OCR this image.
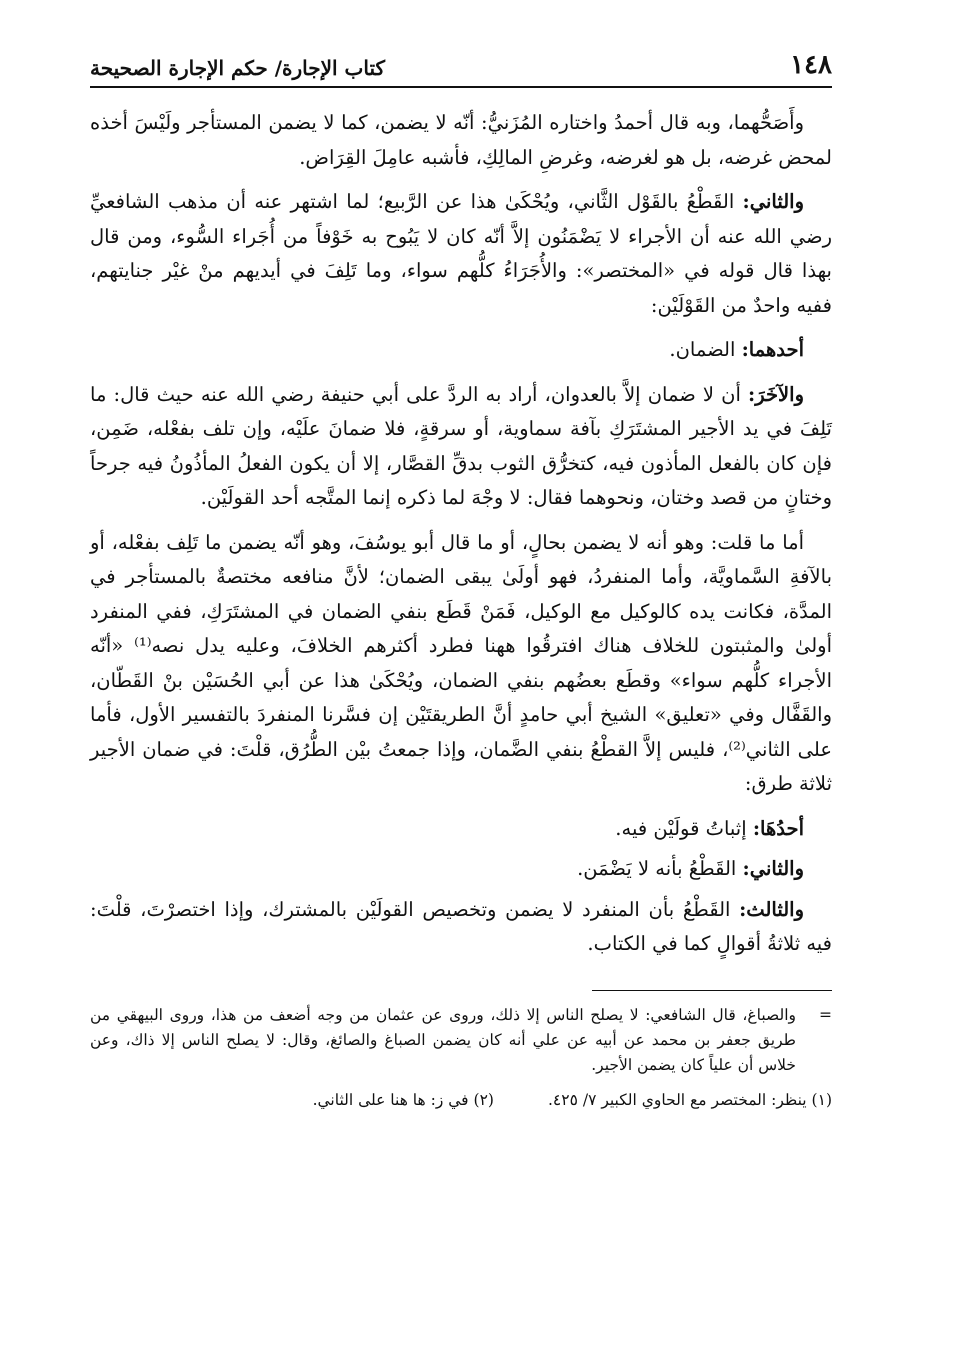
١٤٨
كتاب الإجارة/ حكم الإجارة الصحيحة

وأَصَحُّهما، وبه قال أحمدُ واختاره المُزَنيُّ: أنّه لا يضمن، كما لا يضمن المستأجر ولَيْسَ أخذه لمحض غرضه، بل هو لغرضه، وغرضِ المالِكِ، فأشبه عامِلَ القِرَاض.

والثاني: القَطْعُ بالقَوْل الثَّاني، ويُحْكَىٰ هذا عن الرَّبيع؛ لما اشتهر عنه أن مذهب الشافعيِّ رضي الله عنه أن الأجراء لا يَضْمَنُون إلاَّ أنّه كان لا يَبُوح به خَوْفاً من أُجَراء السُّوء، ومن قال بهذا قال قوله في «المختصر»: والأُجَرَاءُ كلُّهم سواء، وما تَلِفَ في أيديهم منْ غيْر جنايتهم، ففيه واحدٌ من القَوْلَيْن:

أحدهما: الضمان.

والآخَرَ: أن لا ضمان إلاَّ بالعدوان، أراد به الردَّ على أبي حنيفة رضي الله عنه حيث قال: ما تَلِفَ في يد الأجير المشتَرَكِ بآفة سماوية، أو سرقةٍ، فلا ضمانَ علَيْه، وإن تلف بفعْله، ضَمِن، فإن كان بالفعل المأذون فيه، كتخرُّق الثوب بدقِّ القصَّار، إلا أن يكون الفعلُ المأذُونُ فيه جرحاً وختانٍ من قصد وختان، ونحوهما فقال: لا وجْهَ لما ذكره إنما المتَّجه أحد القولَيْن.

أما ما قلت: وهو أنه لا يضمن بحالٍ، أو ما قال أبو يوسُفَ، وهو أنّه يضمن ما تَلِف بفعْله، أو بالآفةِ السَّماويَّة، وأما المنفردُ، فهو أولَىٰ يبقى الضمان؛ لأنَّ منافعه مختصةٌ بالمستأجر في المدَّة، فكانت يده كالوكيل مع الوكيل، فَمَنْ قَطَع بنفي الضمان في المشتَرَكِ، ففي المنفرد أولىٰ والمثبتون للخلاف هناك افترقُوا ههنا فطرد أكثرهم الخلافَ، وعليه يدل نصه⁽¹⁾ «أنّه الأجراء كلُّهم سواء» وقطَع بعضُهم بنفي الضمان، ويُحْكَىٰ هذا عن أبي الحُسَيْن بنْ القَطّان، والقَفَّال وفي «تعليق» الشيخ أبي حامدٍ أنَّ الطريقتَيْن إن فسَّرنا المنفردَ بالتفسير الأول، فأما على الثاني⁽²⁾، فليس إلاَّ القطْعُ بنفي الضَّمان، وإذا جمعتُ بيْن الطُّرُق، قلْتَ: في ضمان الأجير ثلاثة طرق:

أحدُهَا: إثباتُ قولَيْن فيه.

والثاني: القَطْعُ بأنه لا يَضْمَن.

والثالث: القَطْعُ بأن المنفرد لا يضمن وتخصيص القولَيْن بالمشترك، وإذا اختصرْتَ، قلْتَ: فيه ثلاثةُ أقوالٍ كما في الكتاب.

=
والصباغ، قال الشافعي: لا يصلح الناس إلا ذلك، وروى عن عثمان من وجه أضعف من هذا، وروى البيهقي من طريق جعفر بن محمد عن أبيه عن علي أنه كان يضمن الصباغ والصائغ، وقال: لا يصلح الناس إلا ذاك، وعن خلاس أن علياً كان يضمن الأجير.
(١) ينظر: المختصر مع الحاوي الكبير ٧/ ٤٢٥.
(٢) في ز: ها هنا على الثاني.
